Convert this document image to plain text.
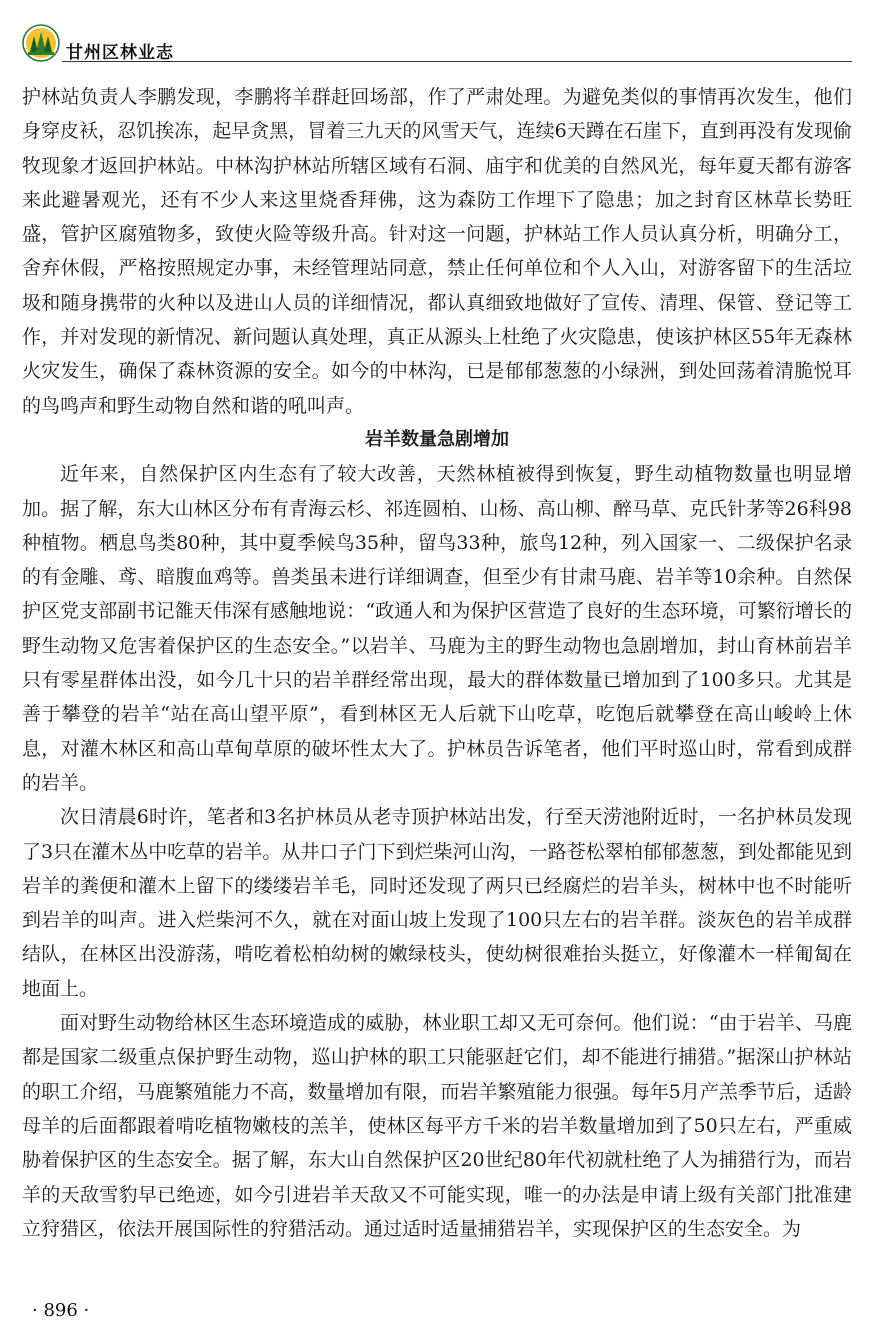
甘州区林业志

护林站负责人李鹏发现，李鹏将羊群赶回场部，作了严肃处理。为避免类似的事情再次发生，他们身穿皮袄，忍饥挨冻，起早贪黑，冒着三九天的风雪天气，连续6天蹲在石崖下，直到再没有发现偷牧现象才返回护林站。中林沟护林站所辖区域有石洞、庙宇和优美的自然风光，每年夏天都有游客来此避暑观光，还有不少人来这里烧香拜佛，这为森防工作埋下了隐患；加之封育区林草长势旺盛，管护区腐殖物多，致使火险等级升高。针对这一问题，护林站工作人员认真分析，明确分工，舍弃休假，严格按照规定办事，未经管理站同意，禁止任何单位和个人入山，对游客留下的生活垃圾和随身携带的火种以及进山人员的详细情况，都认真细致地做好了宣传、清理、保管、登记等工作，并对发现的新情况、新问题认真处理，真正从源头上杜绝了火灾隐患，使该护林区55年无森林火灾发生，确保了森林资源的安全。如今的中林沟，已是郁郁葱葱的小绿洲，到处回荡着清脆悦耳的鸟鸣声和野生动物自然和谐的吼叫声。

岩羊数量急剧增加

近年来，自然保护区内生态有了较大改善，天然林植被得到恢复，野生动植物数量也明显增加。据了解，东大山林区分布有青海云杉、祁连圆柏、山杨、高山柳、醉马草、克氏针茅等26科98种植物。栖息鸟类80种，其中夏季候鸟35种，留鸟33种，旅鸟12种，列入国家一、二级保护名录的有金雕、鸢、暗腹血鸡等。兽类虽未进行详细调查，但至少有甘肃马鹿、岩羊等10余种。自然保护区党支部副书记雒天伟深有感触地说：“政通人和为保护区营造了良好的生态环境，可繁衍增长的野生动物又危害着保护区的生态安全。”以岩羊、马鹿为主的野生动物也急剧增加，封山育林前岩羊只有零星群体出没，如今几十只的岩羊群经常出现，最大的群体数量已增加到了100多只。尤其是善于攀登的岩羊“站在高山望平原”，看到林区无人后就下山吃草，吃饱后就攀登在高山峻岭上休息，对灌木林区和高山草甸草原的破坏性太大了。护林员告诉笔者，他们平时巡山时，常看到成群的岩羊。

次日清晨6时许，笔者和3名护林员从老寺顶护林站出发，行至天涝池附近时，一名护林员发现了3只在灌木丛中吃草的岩羊。从井口子门下到烂柴河山沟，一路苍松翠柏郁郁葱葱，到处都能见到岩羊的粪便和灌木上留下的缕缕岩羊毛，同时还发现了两只已经腐烂的岩羊头，树林中也不时能听到岩羊的叫声。进入烂柴河不久，就在对面山坡上发现了100只左右的岩羊群。淡灰色的岩羊成群结队，在林区出没游荡，啃吃着松柏幼树的嫩绿枝头，使幼树很难抬头挺立，好像灌木一样匍匐在地面上。

面对野生动物给林区生态环境造成的威胁，林业职工却又无可奈何。他们说：“由于岩羊、马鹿都是国家二级重点保护野生动物，巡山护林的职工只能驱赶它们，却不能进行捕猎。”据深山护林站的职工介绍，马鹿繁殖能力不高，数量增加有限，而岩羊繁殖能力很强。每年5月产羔季节后，适龄母羊的后面都跟着啃吃植物嫩枝的羔羊，使林区每平方千米的岩羊数量增加到了50只左右，严重威胁着保护区的生态安全。据了解，东大山自然保护区20世纪80年代初就杜绝了人为捕猎行为，而岩羊的天敌雪豹早已绝迹，如今引进岩羊天敌又不可能实现，唯一的办法是申请上级有关部门批准建立狩猎区，依法开展国际性的狩猎活动。通过适时适量捕猎岩羊，实现保护区的生态安全。为

· 896 ·
